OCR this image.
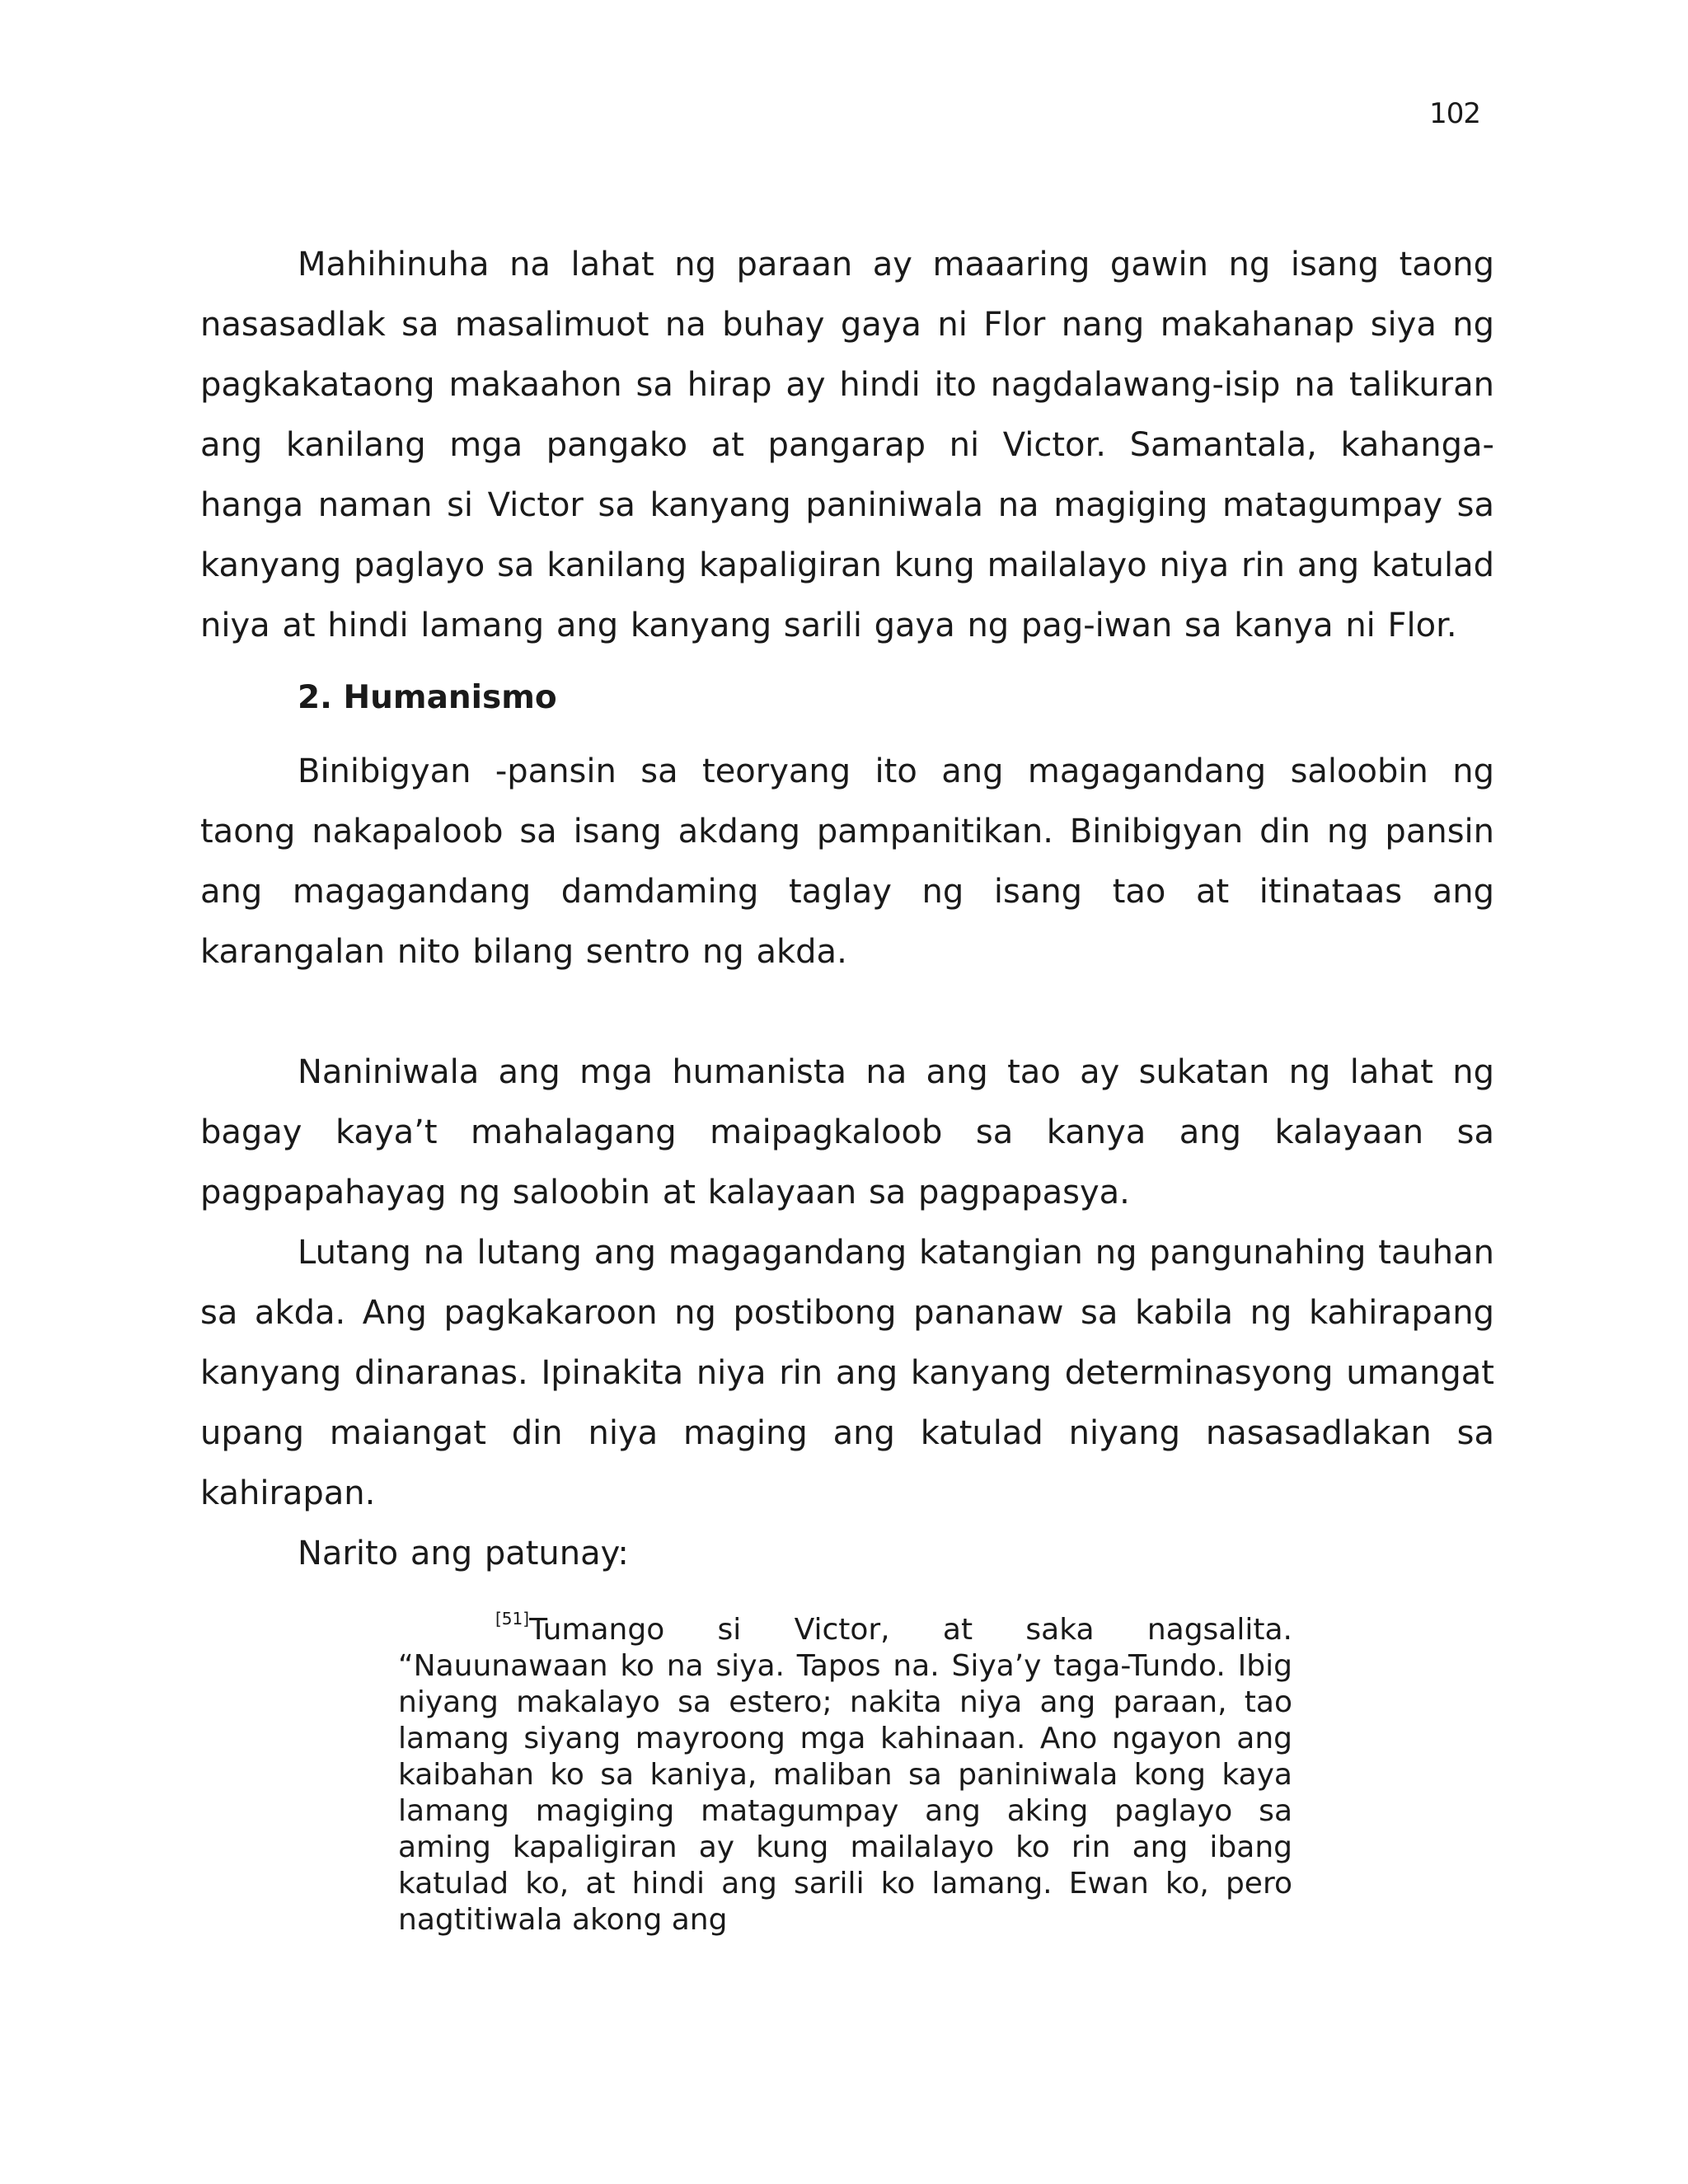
102

Mahihinuha na lahat ng paraan ay maaaring gawin ng isang taong nasasadlak sa masalimuot na buhay gaya ni Flor nang makahanap siya ng pagkakataong makaahon sa hirap ay hindi ito nagdalawang-isip na talikuran ang kanilang mga pangako at pangarap ni Victor. Samantala, kahanga-hanga naman si Victor sa kanyang paniniwala na magiging matagumpay sa kanyang paglayo sa kanilang kapaligiran kung mailalayo niya rin ang katulad niya at hindi lamang ang kanyang sarili gaya ng pag-iwan sa kanya ni Flor.

2. Humanismo

Binibigyan -pansin sa teoryang ito ang magagandang saloobin ng taong nakapaloob sa isang akdang pampanitikan. Binibigyan din ng pansin ang magagandang damdaming taglay ng isang tao at itinataas ang karangalan nito bilang sentro ng akda.

Naniniwala ang mga humanista na ang tao ay sukatan ng lahat ng bagay kaya’t mahalagang maipagkaloob sa kanya ang kalayaan sa pagpapahayag ng saloobin at kalayaan sa pagpapasya.

Lutang na lutang ang magagandang katangian ng pangunahing tauhan sa akda. Ang pagkakaroon ng postibong pananaw sa kabila ng kahirapang kanyang dinaranas. Ipinakita niya rin ang kanyang determinasyong umangat upang maiangat din niya maging ang katulad niyang nasasadlakan sa kahirapan.

Narito ang patunay:

[51]Tumango si Victor, at saka nagsalita. “Nauunawaan ko na siya. Tapos na. Siya’y taga-Tundo. Ibig niyang makalayo sa estero; nakita niya ang paraan, tao lamang siyang mayroong mga kahinaan. Ano ngayon ang kaibahan ko sa kaniya, maliban sa paniniwala kong kaya lamang magiging matagumpay ang aking paglayo sa aming kapaligiran ay kung mailalayo ko rin ang ibang katulad ko, at hindi ang sarili ko lamang. Ewan ko, pero nagtitiwala akong ang
